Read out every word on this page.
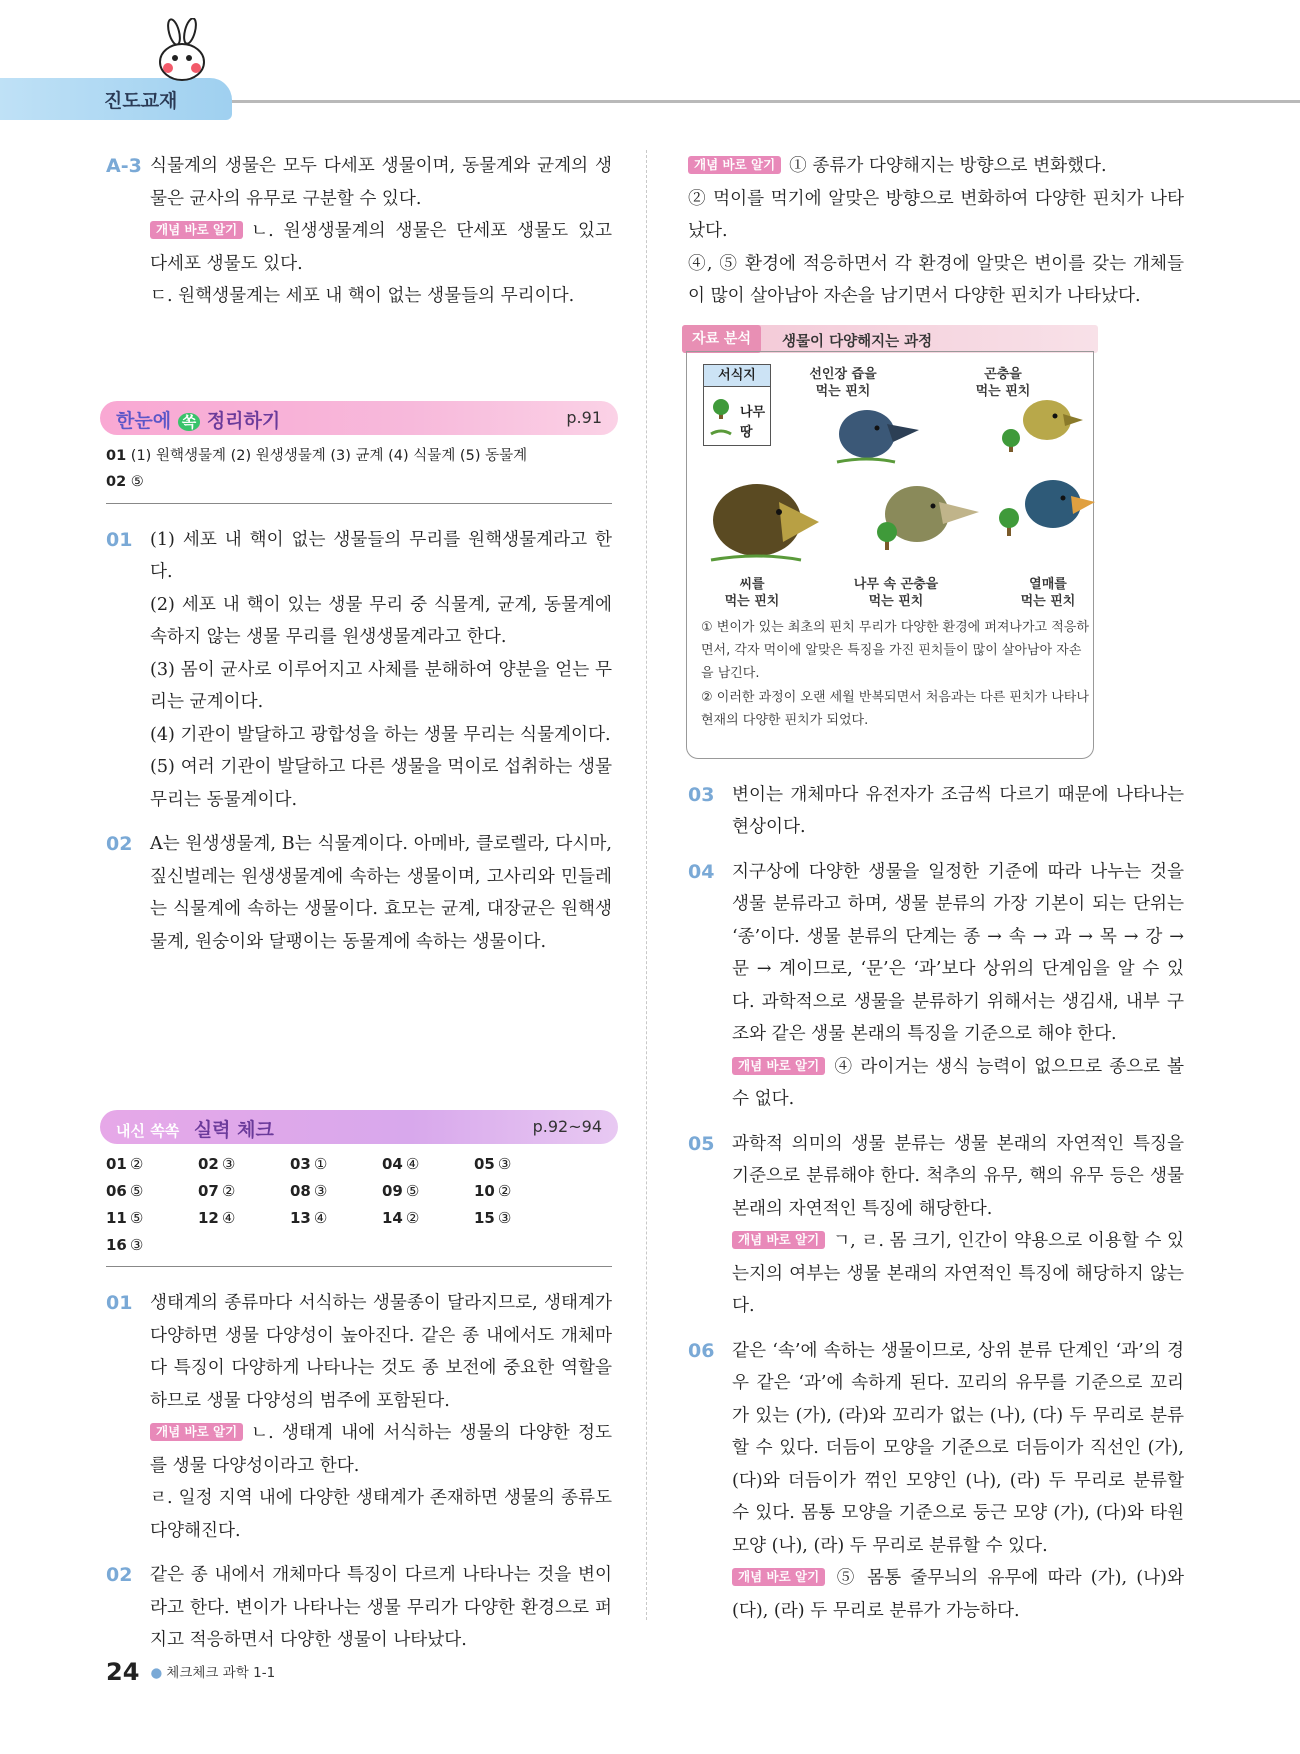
진도교재
A-3 식물계의 생물은 모두 다세포 생물이며, 동물계와 균계의 생물은 균사의 유무로 구분할 수 있다.
개념 바로 알기 ㄴ. 원생생물계의 생물은 단세포 생물도 있고 다세포 생물도 있다.
ㄷ. 원핵생물계는 세포 내 핵이 없는 생물들의 무리이다.
한눈에 쏙 정리하기	p.91
01 (1) 원핵생물계 (2) 원생생물계 (3) 균계 (4) 식물계 (5) 동물계
02 ⑤
01 (1) 세포 내 핵이 없는 생물들의 무리를 원핵생물계라고 한다.
(2) 세포 내 핵이 있는 생물 무리 중 식물계, 균계, 동물계에 속하지 않는 생물 무리를 원생생물계라고 한다.
(3) 몸이 균사로 이루어지고 사체를 분해하여 양분을 얻는 무리는 균계이다.
(4) 기관이 발달하고 광합성을 하는 생물 무리는 식물계이다.
(5) 여러 기관이 발달하고 다른 생물을 먹이로 섭취하는 생물 무리는 동물계이다.
02 A는 원생생물계, B는 식물계이다. 아메바, 클로렐라, 다시마, 짚신벌레는 원생생물계에 속하는 생물이며, 고사리와 민들레는 식물계에 속하는 생물이다. 효모는 균계, 대장균은 원핵생물계, 원숭이와 달팽이는 동물계에 속하는 생물이다.
내신 쏙쏙 실력 체크	p.92~94
01 ②	02 ③	03 ①	04 ④	05 ③
06 ⑤	07 ②	08 ③	09 ⑤	10 ②
11 ⑤	12 ④	13 ④	14 ②	15 ③
16 ③
01 생태계의 종류마다 서식하는 생물종이 달라지므로, 생태계가 다양하면 생물 다양성이 높아진다. 같은 종 내에서도 개체마다 특징이 다양하게 나타나는 것도 종 보전에 중요한 역할을 하므로 생물 다양성의 범주에 포함된다.
개념 바로 알기 ㄴ. 생태계 내에 서식하는 생물의 다양한 정도를 생물 다양성이라고 한다.
ㄹ. 일정 지역 내에 다양한 생태계가 존재하면 생물의 종류도 다양해진다.
02 같은 종 내에서 개체마다 특징이 다르게 나타나는 것을 변이라고 한다. 변이가 나타나는 생물 무리가 다양한 환경으로 퍼지고 적응하면서 다양한 생물이 나타났다.
개념 바로 알기 ① 종류가 다양해지는 방향으로 변화했다.
② 먹이를 먹기에 알맞은 방향으로 변화하여 다양한 핀치가 나타났다.
④, ⑤ 환경에 적응하면서 각 환경에 알맞은 변이를 갖는 개체들이 많이 살아남아 자손을 남기면서 다양한 핀치가 나타났다.
자료 분석	생물이 다양해지는 과정
서식지
나무
땅
선인장 즙을
먹는 핀치
곤충을
먹는 핀치
씨를
먹는 핀치
나무 속 곤충을
먹는 핀치
열매를
먹는 핀치
① 변이가 있는 최초의 핀치 무리가 다양한 환경에 퍼져나가고 적응하면서, 각자 먹이에 알맞은 특징을 가진 핀치들이 많이 살아남아 자손을 남긴다.
② 이러한 과정이 오랜 세월 반복되면서 처음과는 다른 핀치가 나타나 현재의 다양한 핀치가 되었다.
03 변이는 개체마다 유전자가 조금씩 다르기 때문에 나타나는 현상이다.
04 지구상에 다양한 생물을 일정한 기준에 따라 나누는 것을 생물 분류라고 하며, 생물 분류의 가장 기본이 되는 단위는 ‘종’이다. 생물 분류의 단계는 종 → 속 → 과 → 목 → 강 → 문 → 계이므로, ‘문’은 ‘과’보다 상위의 단계임을 알 수 있다. 과학적으로 생물을 분류하기 위해서는 생김새, 내부 구조와 같은 생물 본래의 특징을 기준으로 해야 한다.
개념 바로 알기 ④ 라이거는 생식 능력이 없으므로 종으로 볼 수 없다.
05 과학적 의미의 생물 분류는 생물 본래의 자연적인 특징을 기준으로 분류해야 한다. 척추의 유무, 핵의 유무 등은 생물 본래의 자연적인 특징에 해당한다.
개념 바로 알기 ㄱ, ㄹ. 몸 크기, 인간이 약용으로 이용할 수 있는지의 여부는 생물 본래의 자연적인 특징에 해당하지 않는다.
06 같은 ‘속’에 속하는 생물이므로, 상위 분류 단계인 ‘과’의 경우 같은 ‘과’에 속하게 된다. 꼬리의 유무를 기준으로 꼬리가 있는 (가), (라)와 꼬리가 없는 (나), (다) 두 무리로 분류할 수 있다. 더듬이 모양을 기준으로 더듬이가 직선인 (가), (다)와 더듬이가 꺾인 모양인 (나), (라) 두 무리로 분류할 수 있다. 몸통 모양을 기준으로 둥근 모양 (가), (다)와 타원 모양 (나), (라) 두 무리로 분류할 수 있다.
개념 바로 알기 ⑤ 몸통 줄무늬의 유무에 따라 (가), (나)와 (다), (라) 두 무리로 분류가 가능하다.
24 ● 체크체크 과학 1-1
